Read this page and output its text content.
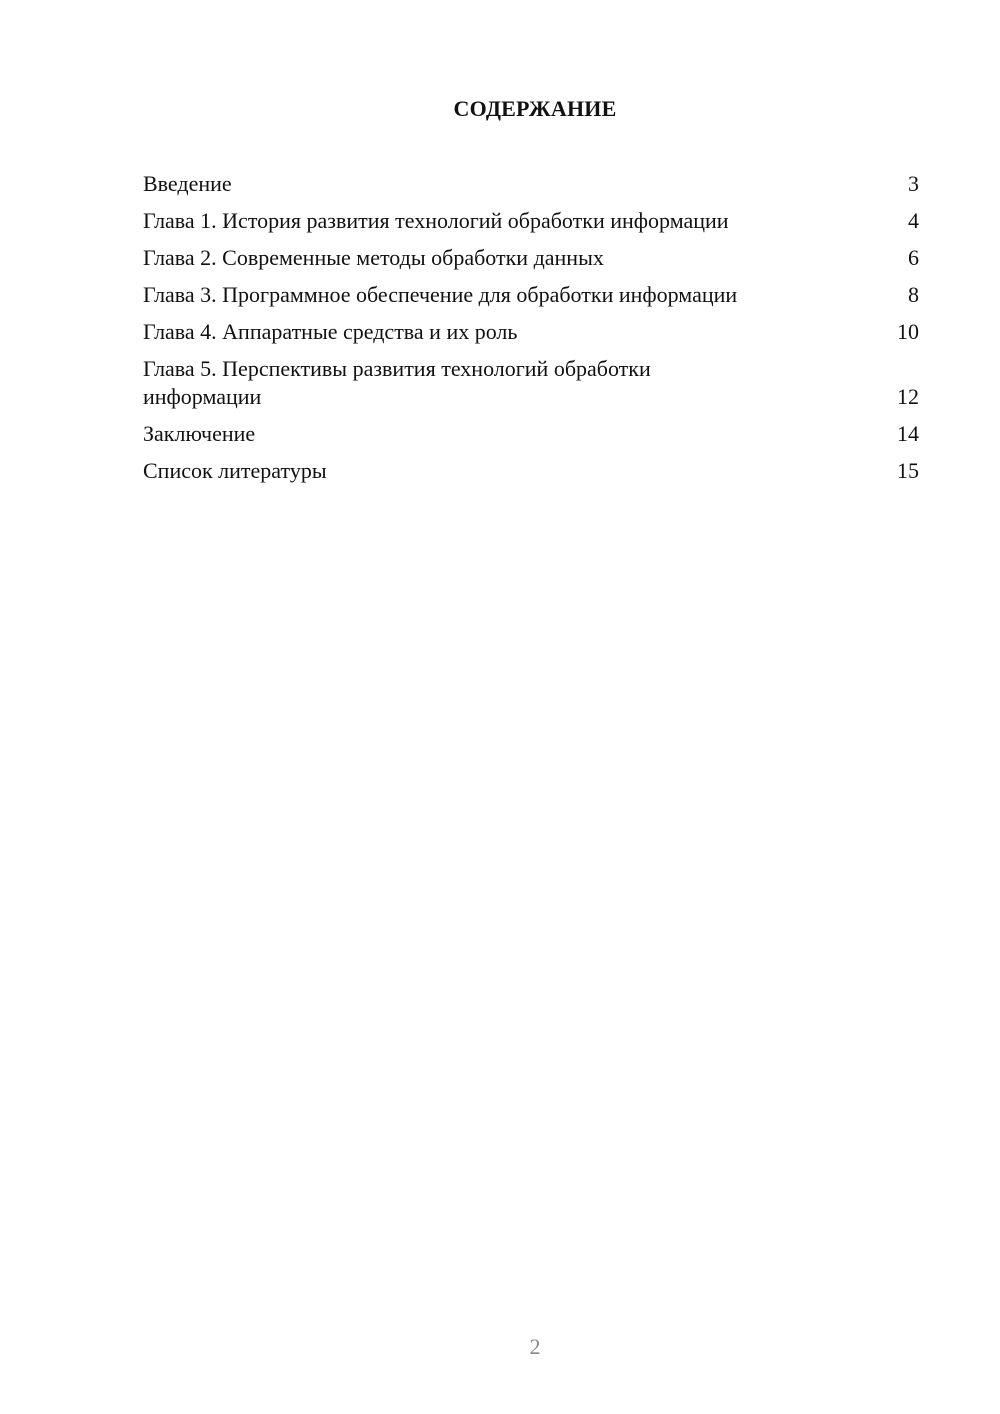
СОДЕРЖАНИЕ
Введение	3
Глава 1. История развития технологий обработки информации	4
Глава 2. Современные методы обработки данных	6
Глава 3. Программное обеспечение для обработки информации	8
Глава 4. Аппаратные средства и их роль	10
Глава 5. Перспективы развития технологий обработки информации	12
Заключение	14
Список литературы	15
2
